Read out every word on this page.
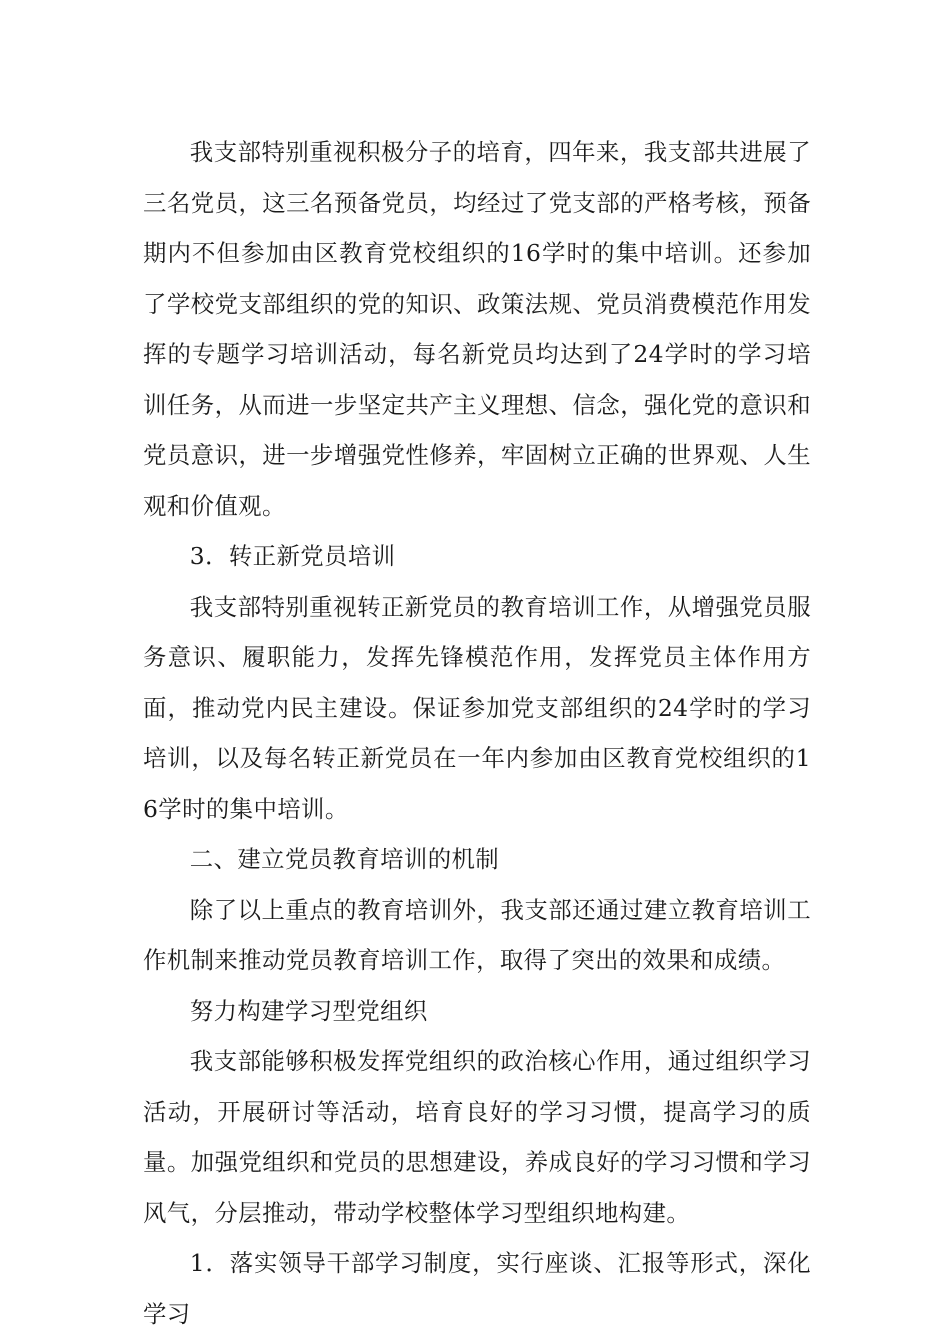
我支部特别重视积极分子的培育，四年来，我支部共进展了三名党员，这三名预备党员，均经过了党支部的严格考核，预备期内不但参加由区教育党校组织的16学时的集中培训。还参加了学校党支部组织的党的知识、政策法规、党员消费模范作用发挥的专题学习培训活动，每名新党员均达到了24学时的学习培训任务，从而进一步坚定共产主义理想、信念，强化党的意识和党员意识，进一步增强党性修养，牢固树立正确的世界观、人生观和价值观。

3．转正新党员培训

我支部特别重视转正新党员的教育培训工作，从增强党员服务意识、履职能力，发挥先锋模范作用，发挥党员主体作用方面，推动党内民主建设。保证参加党支部组织的24学时的学习培训，以及每名转正新党员在一年内参加由区教育党校组织的16学时的集中培训。

二、建立党员教育培训的机制

除了以上重点的教育培训外，我支部还通过建立教育培训工作机制来推动党员教育培训工作，取得了突出的效果和成绩。

努力构建学习型党组织

我支部能够积极发挥党组织的政治核心作用，通过组织学习活动，开展研讨等活动，培育良好的学习习惯，提高学习的质量。加强党组织和党员的思想建设，养成良好的学习习惯和学习风气，分层推动，带动学校整体学习型组织地构建。

1．落实领导干部学习制度，实行座谈、汇报等形式，深化学习
